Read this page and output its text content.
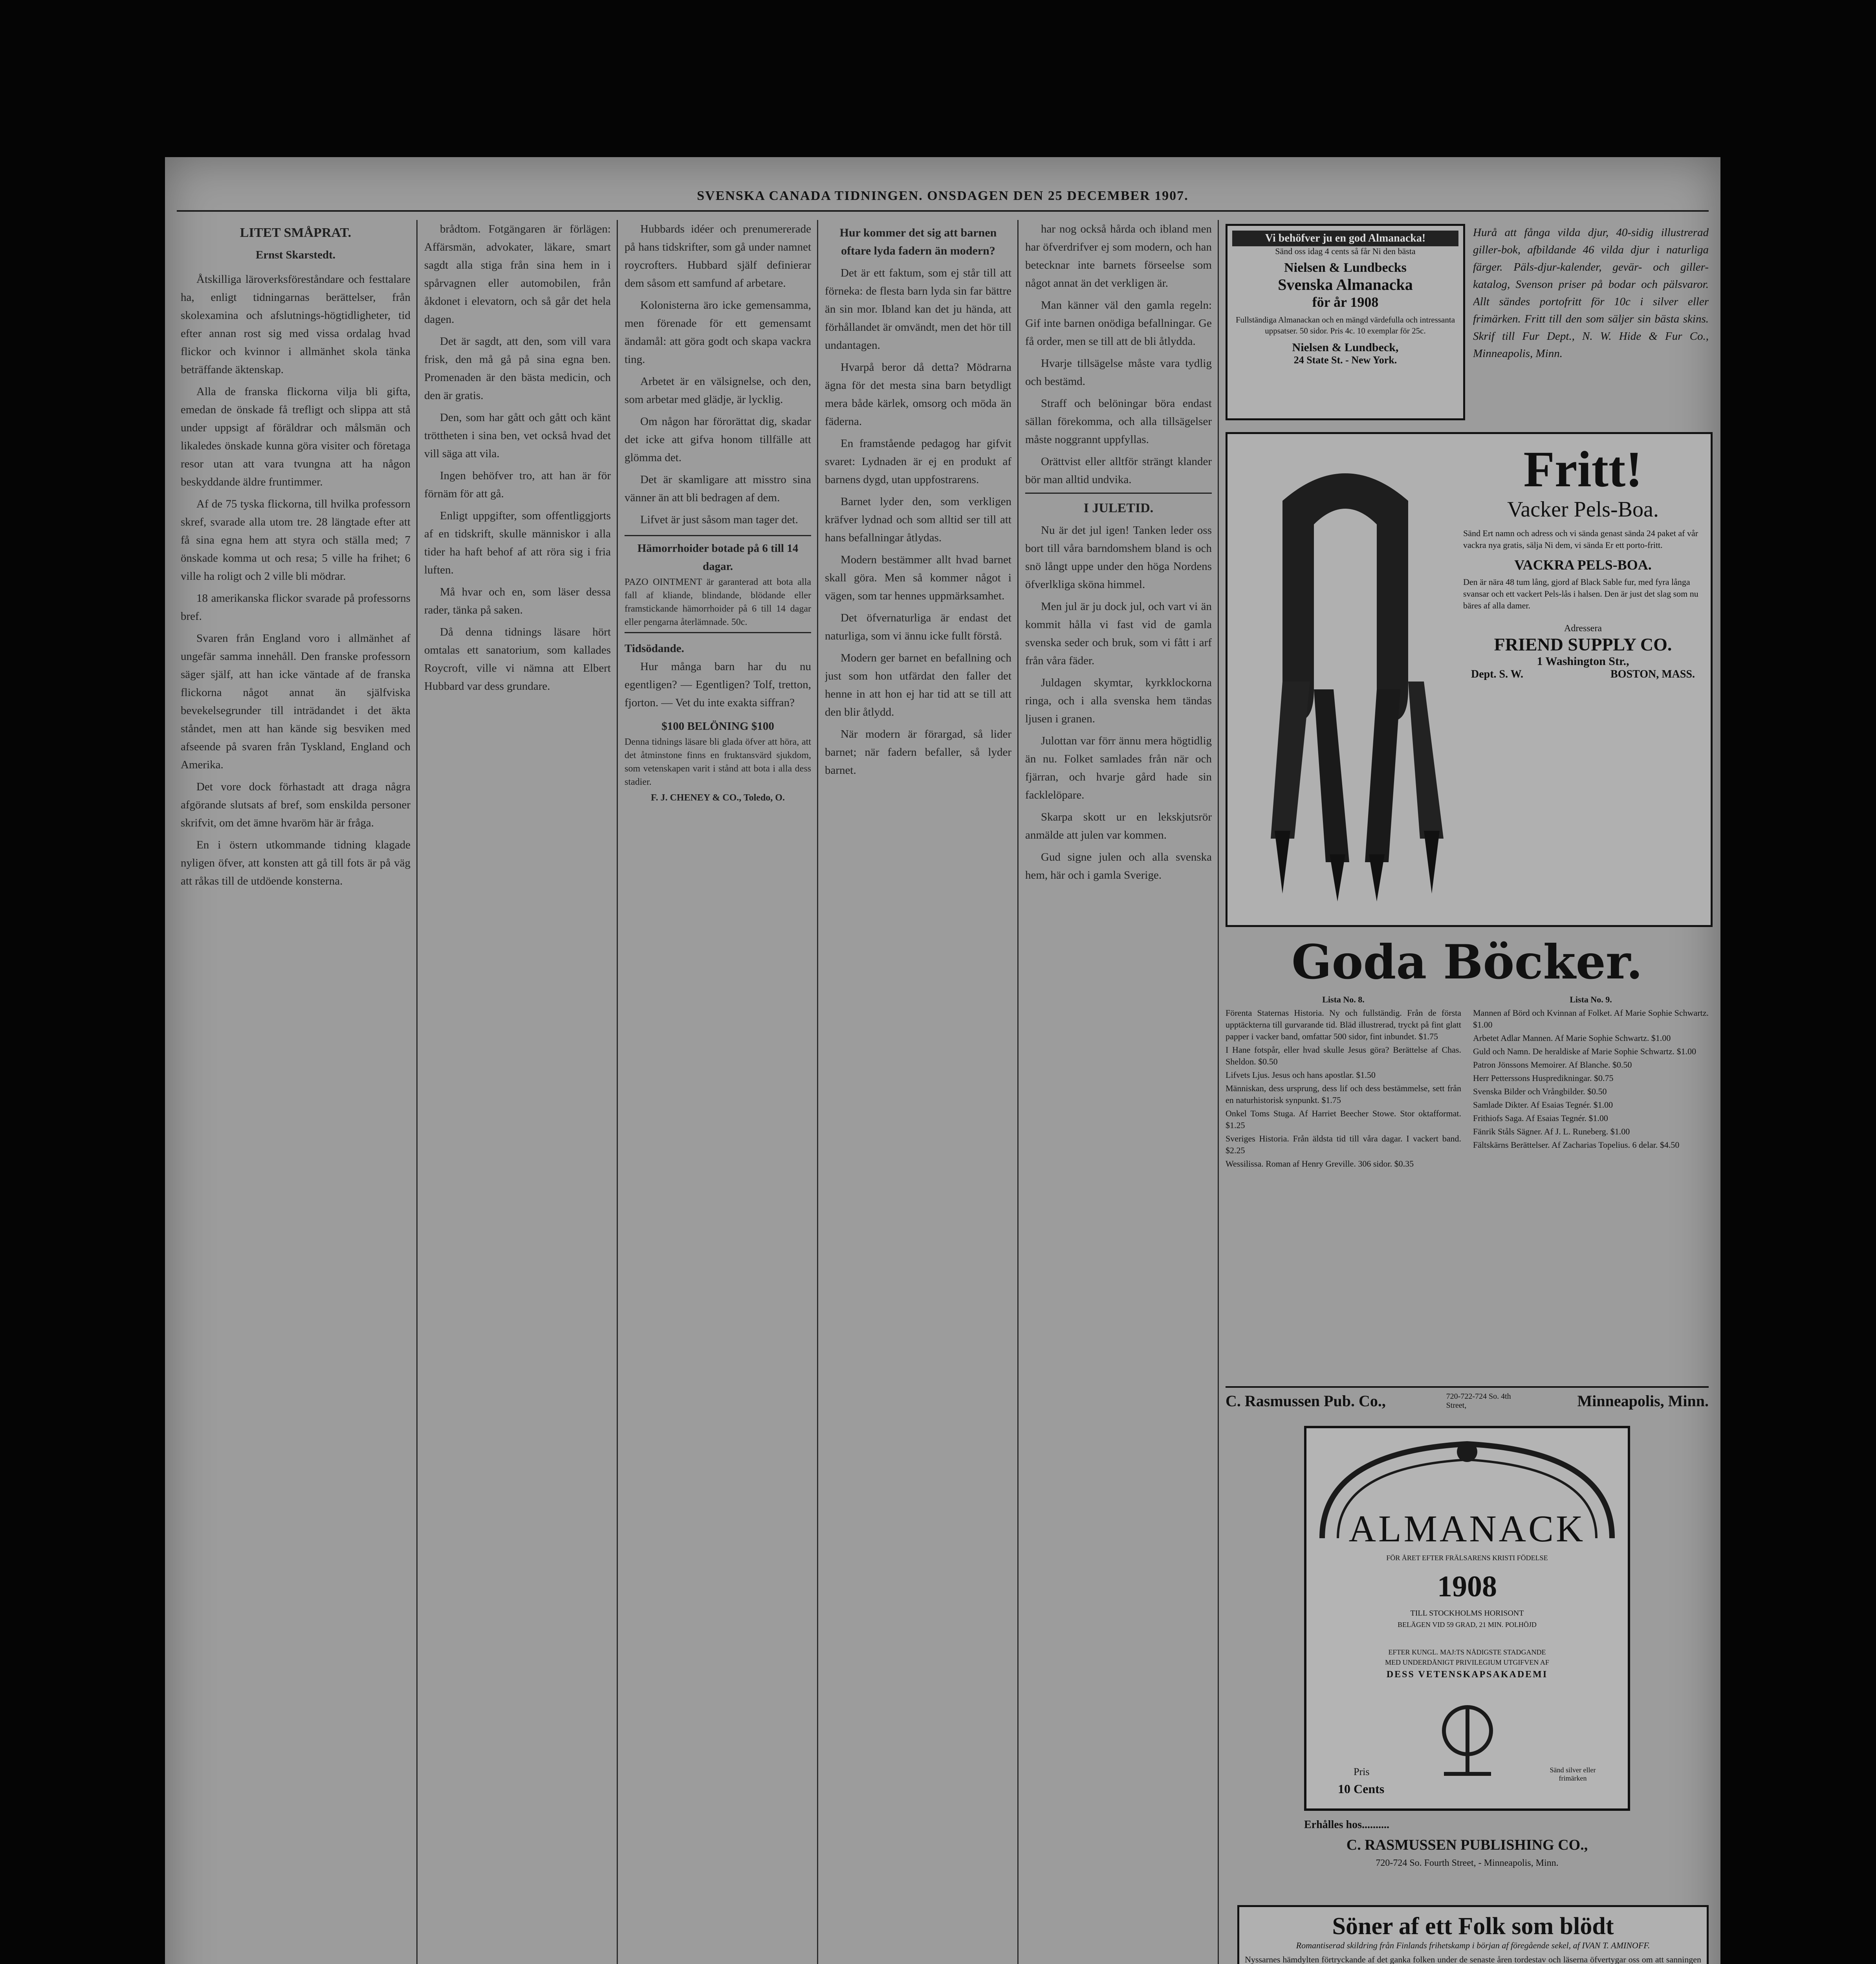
SVENSKA CANADA TIDNINGEN. ONSDAGEN DEN 25 DECEMBER 1907.
LITET SMÅPRAT.
Ernst Skarstedt.

Åtskilliga läroverksföreståndare och festtalare ha, enligt tidningarnas berättelser, från skolexamina och afslutnings-högtidligheter, tid efter annan rost sig med vissa ordalag hvad flickor och kvinnor i allmänhet skola tänka beträffande äktenskap.

Alla de franska flickorna vilja bli gifta, emedan de önskade få trefligt och slippa att stå under uppsigt af föräldrar och målsmän och likaledes önskade kunna göra visiter och företaga resor utan att vara tvungna att ha någon beskyddande äldre fruntimmer.

Af de 75 tyska flickorna, till hvilka professorn skref, svarade alla utom tre. 28 längtade efter att få sina egna hem att styra och ställa med; 7 önskade komma ut och resa; 5 ville ha frihet; 6 ville ha roligt och 2 ville bli mödrar.

18 amerikanska flickor svarade på professorns bref.

Svaren från England voro i allmänhet af ungefär samma innehåll. Den franske professorn säger själf, att han icke väntade af de franska flickorna något annat än själfviska bevekelsegrunder till inträdandet i det äkta ståndet, men att han kände sig besviken med afseende på svaren från Tyskland, England och Amerika.

Det vore dock förhastadt att draga några afgörande slutsats af bref, som enskilda personer skrifvit, om det ämne hvaröm här är fråga.

En i östern utkommande tidning klagade nyligen öfver, att konsten att gå till fots är på väg att råkas till de utdöende konsterna.

brådtom. Fotgängaren är förlägen: Affärsmän, advokater, läkare, smart sagdt alla stiga från sina hem in i spårvagnen eller automobilen, från åkdonet i elevatorn, och så går det hela dagen.

Det är sagdt, att den, som vill vara frisk, den må gå på sina egna ben. Promenaden är den bästa medicin, och den är gratis.

Den, som har gått och gått och känt tröttheten i sina ben, vet också hvad det vill säga att vila.

Ingen behöfver tro, att han är för förnäm för att gå.

Enligt uppgifter, som offentliggjorts af en tidskrift, skulle människor i alla tider ha haft behof af att röra sig i fria luften.

Må hvar och en, som läser dessa rader, tänka på saken.

Då denna tidnings läsare hört omtalas ett sanatorium, som kallades Roycroft, ville vi nämna att Elbert Hubbard var dess grundare.

Hubbards idéer och prenumererade på hans tidskrifter, som gå under namnet roycrofters. Hubbard själf definierar dem såsom ett samfund af arbetare.

Kolonisterna äro icke gemensamma, men förenade för ett gemensamt ändamål: att göra godt och skapa vackra ting.

Arbetet är en välsignelse, och den, som arbetar med glädje, är lycklig.

Om någon har förorättat dig, skadar det icke att gifva honom tillfälle att glömma det.

Det är skamligare att misstro sina vänner än att bli bedragen af dem.

Lifvet är just såsom man tager det.

Hämorrhoider botade på 6 till 14 dagar.
PAZO OINTMENT är garanterad att bota alla fall af kliande, blindande, blödande eller framstickande hämorrhoider på 6 till 14 dagar eller pengarna återlämnade. 50c.
Tidsödande.

Hur många barn har du nu egentligen? — Egentligen? Tolf, tretton, fjorton. — Vet du inte exakta siffran?

$100 BELÖNING $100
Denna tidnings läsare bli glada öfver att höra, att det åtminstone finns en fruktansvärd sjukdom, som vetenskapen varit i stånd att bota i alla dess stadier.
F. J. CHENEY & CO., Toledo, O.
Hur kommer det sig att barnen oftare lyda fadern än modern?

Det är ett faktum, som ej står till att förneka: de flesta barn lyda sin far bättre än sin mor. Ibland kan det ju hända, att förhållandet är omvändt, men det hör till undantagen.

Hvarpå beror då detta? Mödrarna ägna för det mesta sina barn betydligt mera både kärlek, omsorg och möda än fäderna.

En framstående pedagog har gifvit svaret: Lydnaden är ej en produkt af barnens dygd, utan uppfostrarens.

Barnet lyder den, som verkligen kräfver lydnad och som alltid ser till att hans befallningar åtlydas.

Modern bestämmer allt hvad barnet skall göra. Men så kommer något i vägen, som tar hennes uppmärksamhet.

Det öfvernaturliga är endast det naturliga, som vi ännu icke fullt förstå.

Modern ger barnet en befallning och just som hon utfärdat den faller det henne in att hon ej har tid att se till att den blir åtlydd.

När modern är förargad, så lider barnet; när fadern befaller, så lyder barnet.

har nog också hårda och ibland men har öfverdrifver ej som modern, och han betecknar inte barnets förseelse som något annat än det verkligen är.

Man känner väl den gamla regeln: Gif inte barnen onödiga befallningar. Ge få order, men se till att de bli åtlydda.

Hvarje tillsägelse måste vara tydlig och bestämd.

Straff och belöningar böra endast sällan förekomma, och alla tillsägelser måste noggrannt uppfyllas.

Orättvist eller alltför strängt klander bör man alltid undvika.

I JULETID.

Nu är det jul igen! Tanken leder oss bort till våra barndomshem bland is och snö långt uppe under den höga Nordens öfverlkliga sköna himmel.

Men jul är ju dock jul, och vart vi än kommit hålla vi fast vid de gamla svenska seder och bruk, som vi fått i arf från våra fäder.

Juldagen skymtar, kyrkklockorna ringa, och i alla svenska hem tändas ljusen i granen.

Julottan var förr ännu mera högtidlig än nu. Folket samlades från när och fjärran, och hvarje gård hade sin facklelöpare.

Skarpa skott ur en lekskjutsrör anmälde att julen var kommen.

Gud signe julen och alla svenska hem, här och i gamla Sverige.

Vi behöfver ju en god Almanacka!
Sänd oss idag 4 cents så får Ni den bästa
Nielsen & Lundbecks
Svenska Almanacka
för år 1908
Fullständiga Almanackan och en mängd värdefulla och intressanta uppsatser. 50 sidor. Pris 4c. 10 exemplar för 25c.
Nielsen & Lundbeck,
24 State St. - New York.
Hurå att fånga vilda djur, 40-sidig illustrerad giller-bok, afbildande 46 vilda djur i naturliga färger. Päls-djur-kalender, gevär- och giller-katalog, Svenson priser på bodar och pälsvaror. Allt sändes portofritt för 10c i silver eller frimärken. Fritt till den som säljer sin bästa skins. Skrif till Fur Dept., N. W. Hide & Fur Co., Minneapolis, Minn.
Fritt!
Vacker Pels-Boa.
Sänd Ert namn och adress och vi sända genast sända 24 paket af vår vackra nya gratis, sälja Ni dem, vi sända Er ett porto-fritt.
VACKRA PELS-BOA.
Den är nära 48 tum lång, gjord af Black Sable fur, med fyra långa svansar och ett vackert Pels-lås i halsen. Den är just det slag som nu bäres af alla damer.
Adressera
FRIEND SUPPLY CO.
1 Washington Str.,
Dept. S. W.	BOSTON, MASS.
Goda Böcker.
Lista No. 8.

Förenta Staternas Historia. Ny och fullständig. Från de första upptäckterna till gurvarande tid. Bläd illustrerad, tryckt på fint glatt papper i vacker band, omfattar 500 sidor, fint inbundet. $1.75

I Hane fotspår, eller hvad skulle Jesus göra? Berättelse af Chas. Sheldon. $0.50

Lifvets Ljus. Jesus och hans apostlar. $1.50

Människan, dess ursprung, dess lif och dess bestämmelse, sett från en naturhistorisk synpunkt. $1.75

Onkel Toms Stuga. Af Harriet Beecher Stowe. Stor oktafformat. $1.25

Sveriges Historia. Från äldsta tid till våra dagar. I vackert band. $2.25

Wessilissa. Roman af Henry Greville. 306 sidor. $0.35

Lista No. 9.

Mannen af Börd och Kvinnan af Folket. Af Marie Sophie Schwartz. $1.00

Arbetet Adlar Mannen. Af Marie Sophie Schwartz. $1.00

Guld och Namn. De heraldiske af Marie Sophie Schwartz. $1.00

Patron Jönssons Memoirer. Af Blanche. $0.50

Herr Petterssons Huspredikningar. $0.75

Svenska Bilder och Vrångbilder. $0.50

Samlade Dikter. Af Esaias Tegnér. $1.00

Frithiofs Saga. Af Esaias Tegnér. $1.00

Fänrik Ståls Sägner. Af J. L. Runeberg. $1.00

Fältskärns Berättelser. Af Zacharias Topelius. 6 delar. $4.50

C. Rasmussen Pub. Co.,	720-722-724 So. 4th Street,	Minneapolis, Minn.
ALMANACK
FÖR ÅRET EFTER FRÄLSARENS KRISTI FÖDELSE
1908
TILL STOCKHOLMS HORISONT
BELÄGEN VID 59 GRAD, 21 MIN. POLHÖJD
EFTER KUNGL. MAJ:TS NÅDIGSTE STADGANDE
MED UNDERDÅNIGT PRIVILEGIUM UTGIFVEN AF
DESS VETENSKAPSAKADEMI
Pris
10 Cents
Sänd silver eller frimärken
Erhålles hos..........
C. RASMUSSEN PUBLISHING CO.,
720-724 So. Fourth Street, - Minneapolis, Minn.
Söner af ett Folk som blödt
Romantiserad skildring från Finlands frihetskamp i början af föregående sekel, af IVAN T. AMINOFF.
Nyssarnes hämdylten förtryckande af det ganka folken under de senaste åren tordestav och läserna öfvertygar oss om att sanningen
